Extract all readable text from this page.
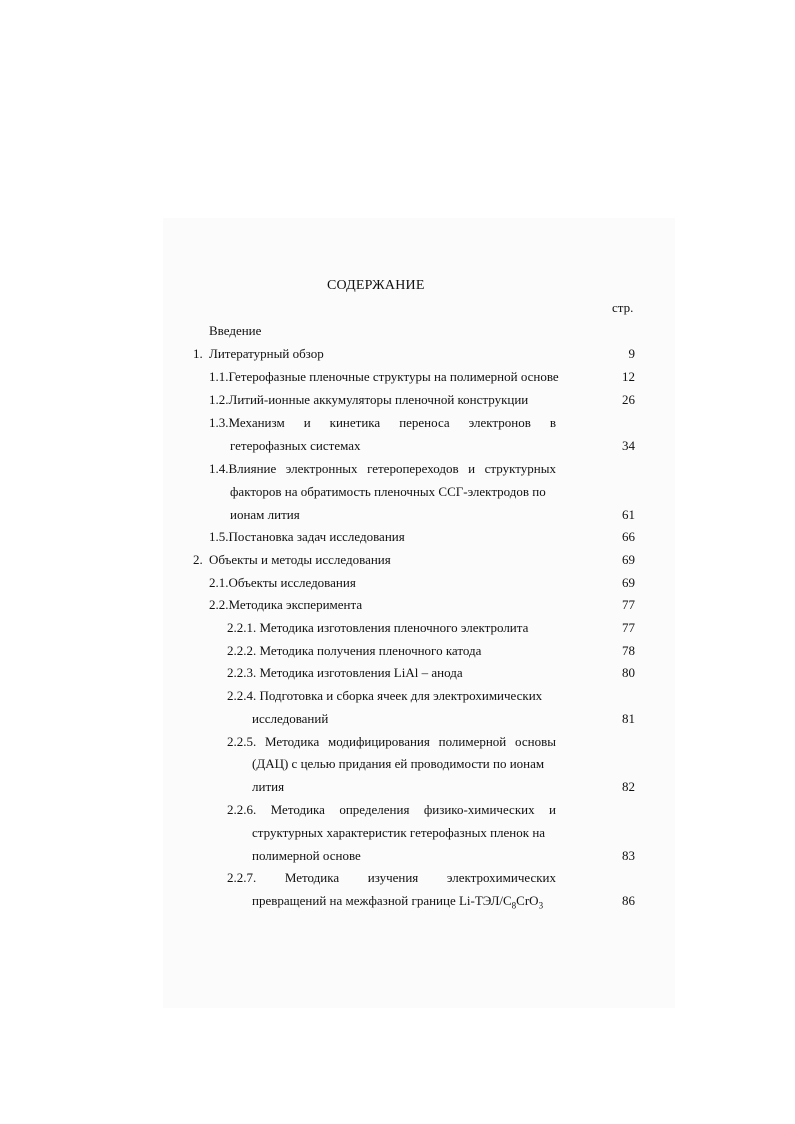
СОДЕРЖАНИЕ
стр.
Введение
1. Литературный обзор	9
1.1.Гетерофазные пленочные структуры на полимерной основе	12
1.2.Литий-ионные аккумуляторы пленочной конструкции	26
1.3.Механизм и кинетика переноса электронов в
гетерофазных системах	34
1.4.Влияние электронных гетеропереходов и структурных
факторов на обратимость пленочных ССГ-электродов по
ионам лития	61
1.5.Постановка задач исследования	66
2. Объекты и методы исследования	69
2.1.Объекты исследования	69
2.2.Методика эксперимента	77
2.2.1. Методика изготовления пленочного электролита	77
2.2.2. Методика получения пленочного катода	78
2.2.3. Методика изготовления LiAl – анода	80
2.2.4. Подготовка и сборка ячеек для электрохимических
исследований	81
2.2.5. Методика модифицирования полимерной основы
(ДАЦ) с целью придания ей проводимости по ионам
лития	82
2.2.6. Методика определения физико-химических и
структурных характеристик гетерофазных пленок на
полимерной основе	83
2.2.7. Методика изучения электрохимических
превращений на межфазной границе $Li-ТЭЛ/C_8CrO_3$	86
